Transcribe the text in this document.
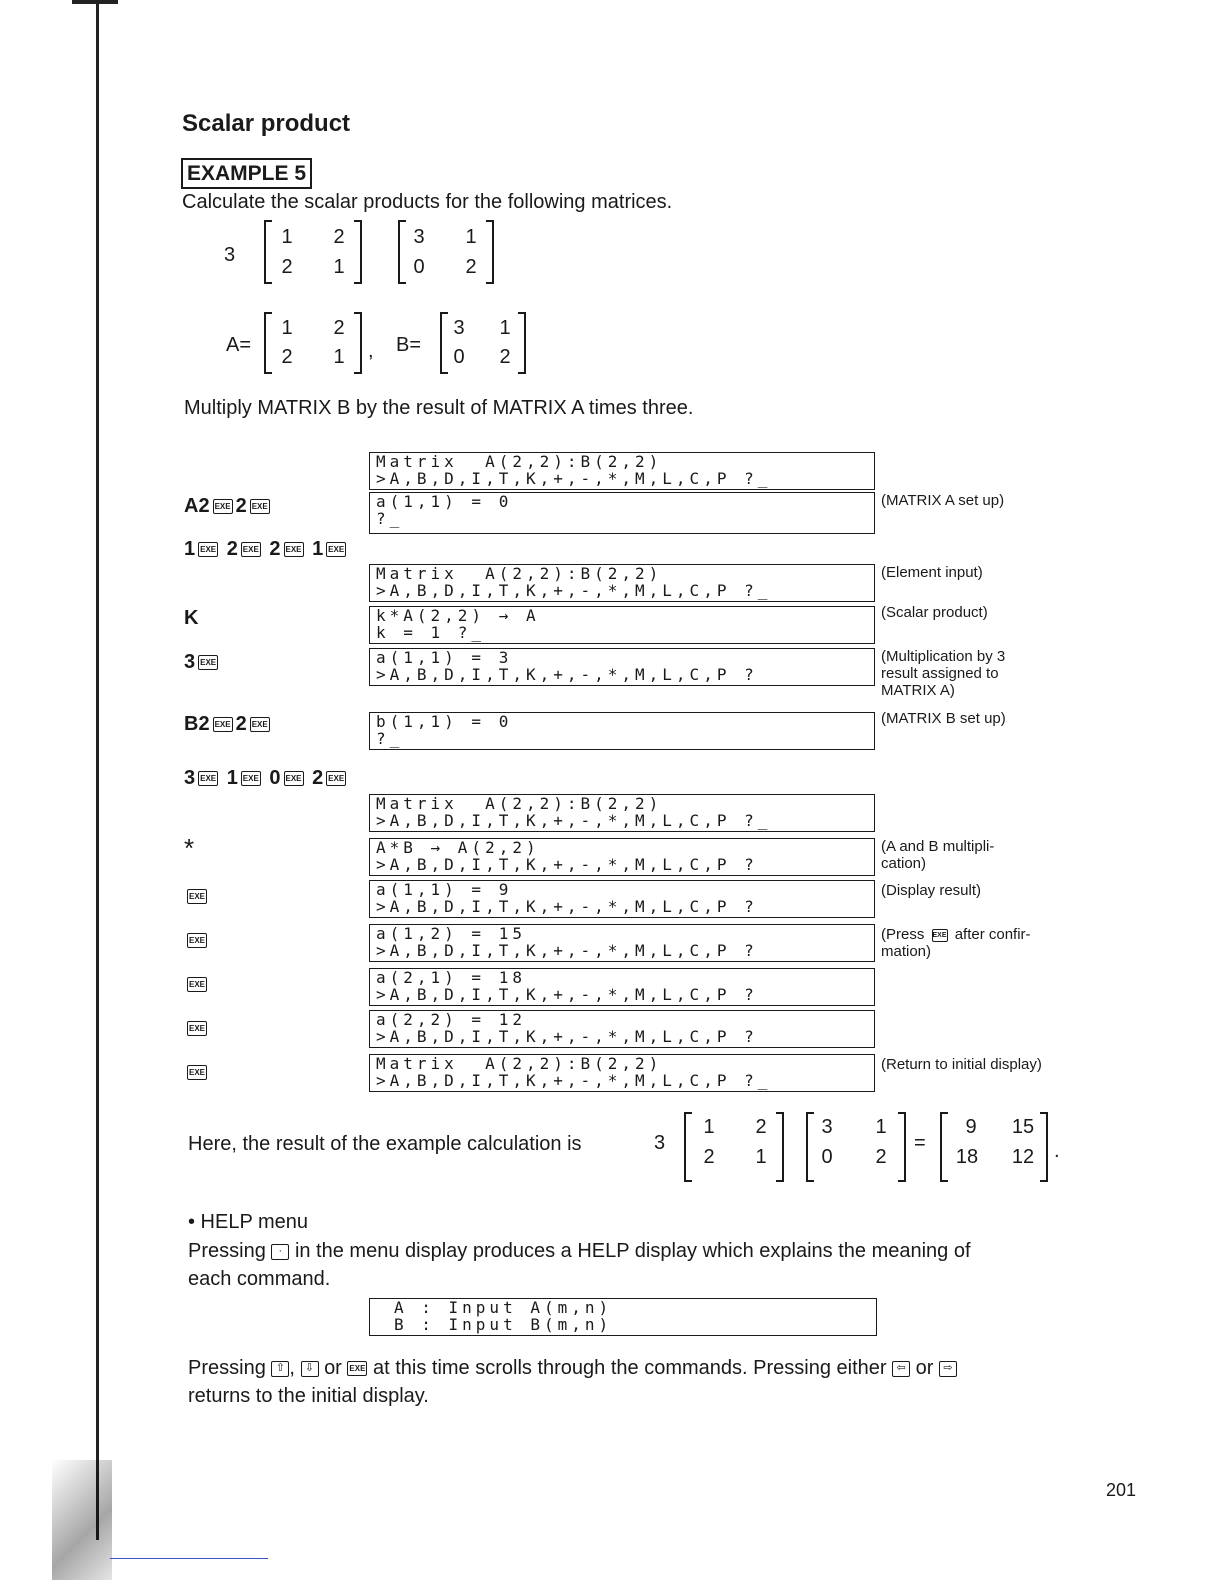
Scalar product
EXAMPLE 5
Calculate the scalar products for the following matrices.
3
1	2
2	1
3	1
0	2
A=
1	2
2	1	, B=
3	1
0	2
Multiply MATRIX B by the result of MATRIX A times three.
Matrix  A(2,2):B(2,2)
>A,B,D,I,T,K,+,-,*,M,L,C,P ?_
A2 EXE 2 EXE	a(1,1) = 0
?_
(MATRIX A set up)
1 EXE 2 EXE 2 EXE 1 EXE
Matrix  A(2,2):B(2,2)
>A,B,D,I,T,K,+,-,*,M,L,C,P ?_
(Element input)
K	k*A(2,2) → A
k = 1 ?_
(Scalar product)
3 EXE	a(1,1) = 3
>A,B,D,I,T,K,+,-,*,M,L,C,P ?
(Multiplication by 3
result assigned to
MATRIX A)
B2 EXE 2 EXE	b(1,1) = 0
?_
(MATRIX B set up)
3 EXE 1 EXE 0 EXE 2 EXE
Matrix  A(2,2):B(2,2)
>A,B,D,I,T,K,+,-,*,M,L,C,P ?_
*	A*B → A(2,2)
>A,B,D,I,T,K,+,-,*,M,L,C,P ?
(A and B multipli-
cation)
EXE	a(1,1) = 9
>A,B,D,I,T,K,+,-,*,M,L,C,P ?
(Display result)
EXE	a(1,2) = 15
>A,B,D,I,T,K,+,-,*,M,L,C,P ?
(Press EXE after confir-
mation)
EXE	a(2,1) = 18
>A,B,D,I,T,K,+,-,*,M,L,C,P ?
EXE	a(2,2) = 12
>A,B,D,I,T,K,+,-,*,M,L,C,P ?
EXE	Matrix  A(2,2):B(2,2)
>A,B,D,I,T,K,+,-,*,M,L,C,P ?_
(Return to initial display)
Here, the result of the example calculation is	3
1	2
2	1
3	1
0	2
=
9	15
18 12 .
• HELP menu
Pressing · in the menu display produces a HELP display which explains the meaning of
each command.
A : Input A(m,n)
B : Input B(m,n)
Pressing ⇧ , ⇩ or EXE at this time scrolls through the commands. Pressing either ⇦ or ⇨
returns to the initial display.
201
